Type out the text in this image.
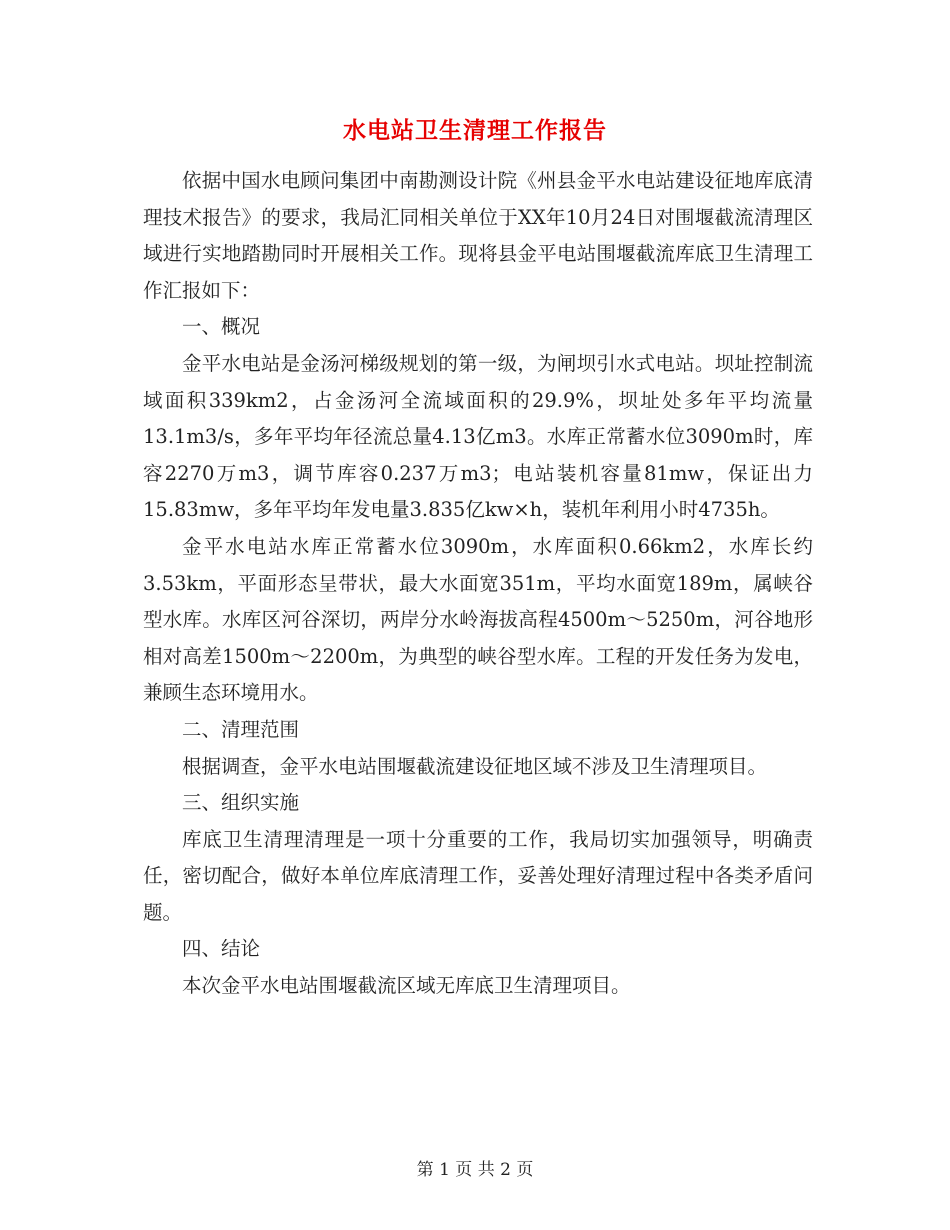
水电站卫生清理工作报告

依据中国水电顾问集团中南勘测设计院《州县金平水电站建设征地库底清理技术报告》的要求，我局汇同相关单位于XX年10月24日对围堰截流清理区域进行实地踏勘同时开展相关工作。现将县金平电站围堰截流库底卫生清理工作汇报如下：

一、概况

金平水电站是金汤河梯级规划的第一级，为闸坝引水式电站。坝址控制流域面积339km2，占金汤河全流域面积的29.9%，坝址处多年平均流量13.1m3/s，多年平均年径流总量4.13亿m3。水库正常蓄水位3090m时，库容2270万m3，调节库容0.237万m3；电站装机容量81mw，保证出力15.83mw，多年平均年发电量3.835亿kw×h，装机年利用小时4735h。

金平水电站水库正常蓄水位3090m，水库面积0.66km2，水库长约3.53km，平面形态呈带状，最大水面宽351m，平均水面宽189m，属峡谷型水库。水库区河谷深切，两岸分水岭海拔高程4500m～5250m，河谷地形相对高差1500m～2200m，为典型的峡谷型水库。工程的开发任务为发电，兼顾生态环境用水。

二、清理范围

根据调查，金平水电站围堰截流建设征地区域不涉及卫生清理项目。

三、组织实施

库底卫生清理清理是一项十分重要的工作，我局切实加强领导，明确责任，密切配合，做好本单位库底清理工作，妥善处理好清理过程中各类矛盾问题。

四、结论

本次金平水电站围堰截流区域无库底卫生清理项目。

第 1 页 共 2 页
